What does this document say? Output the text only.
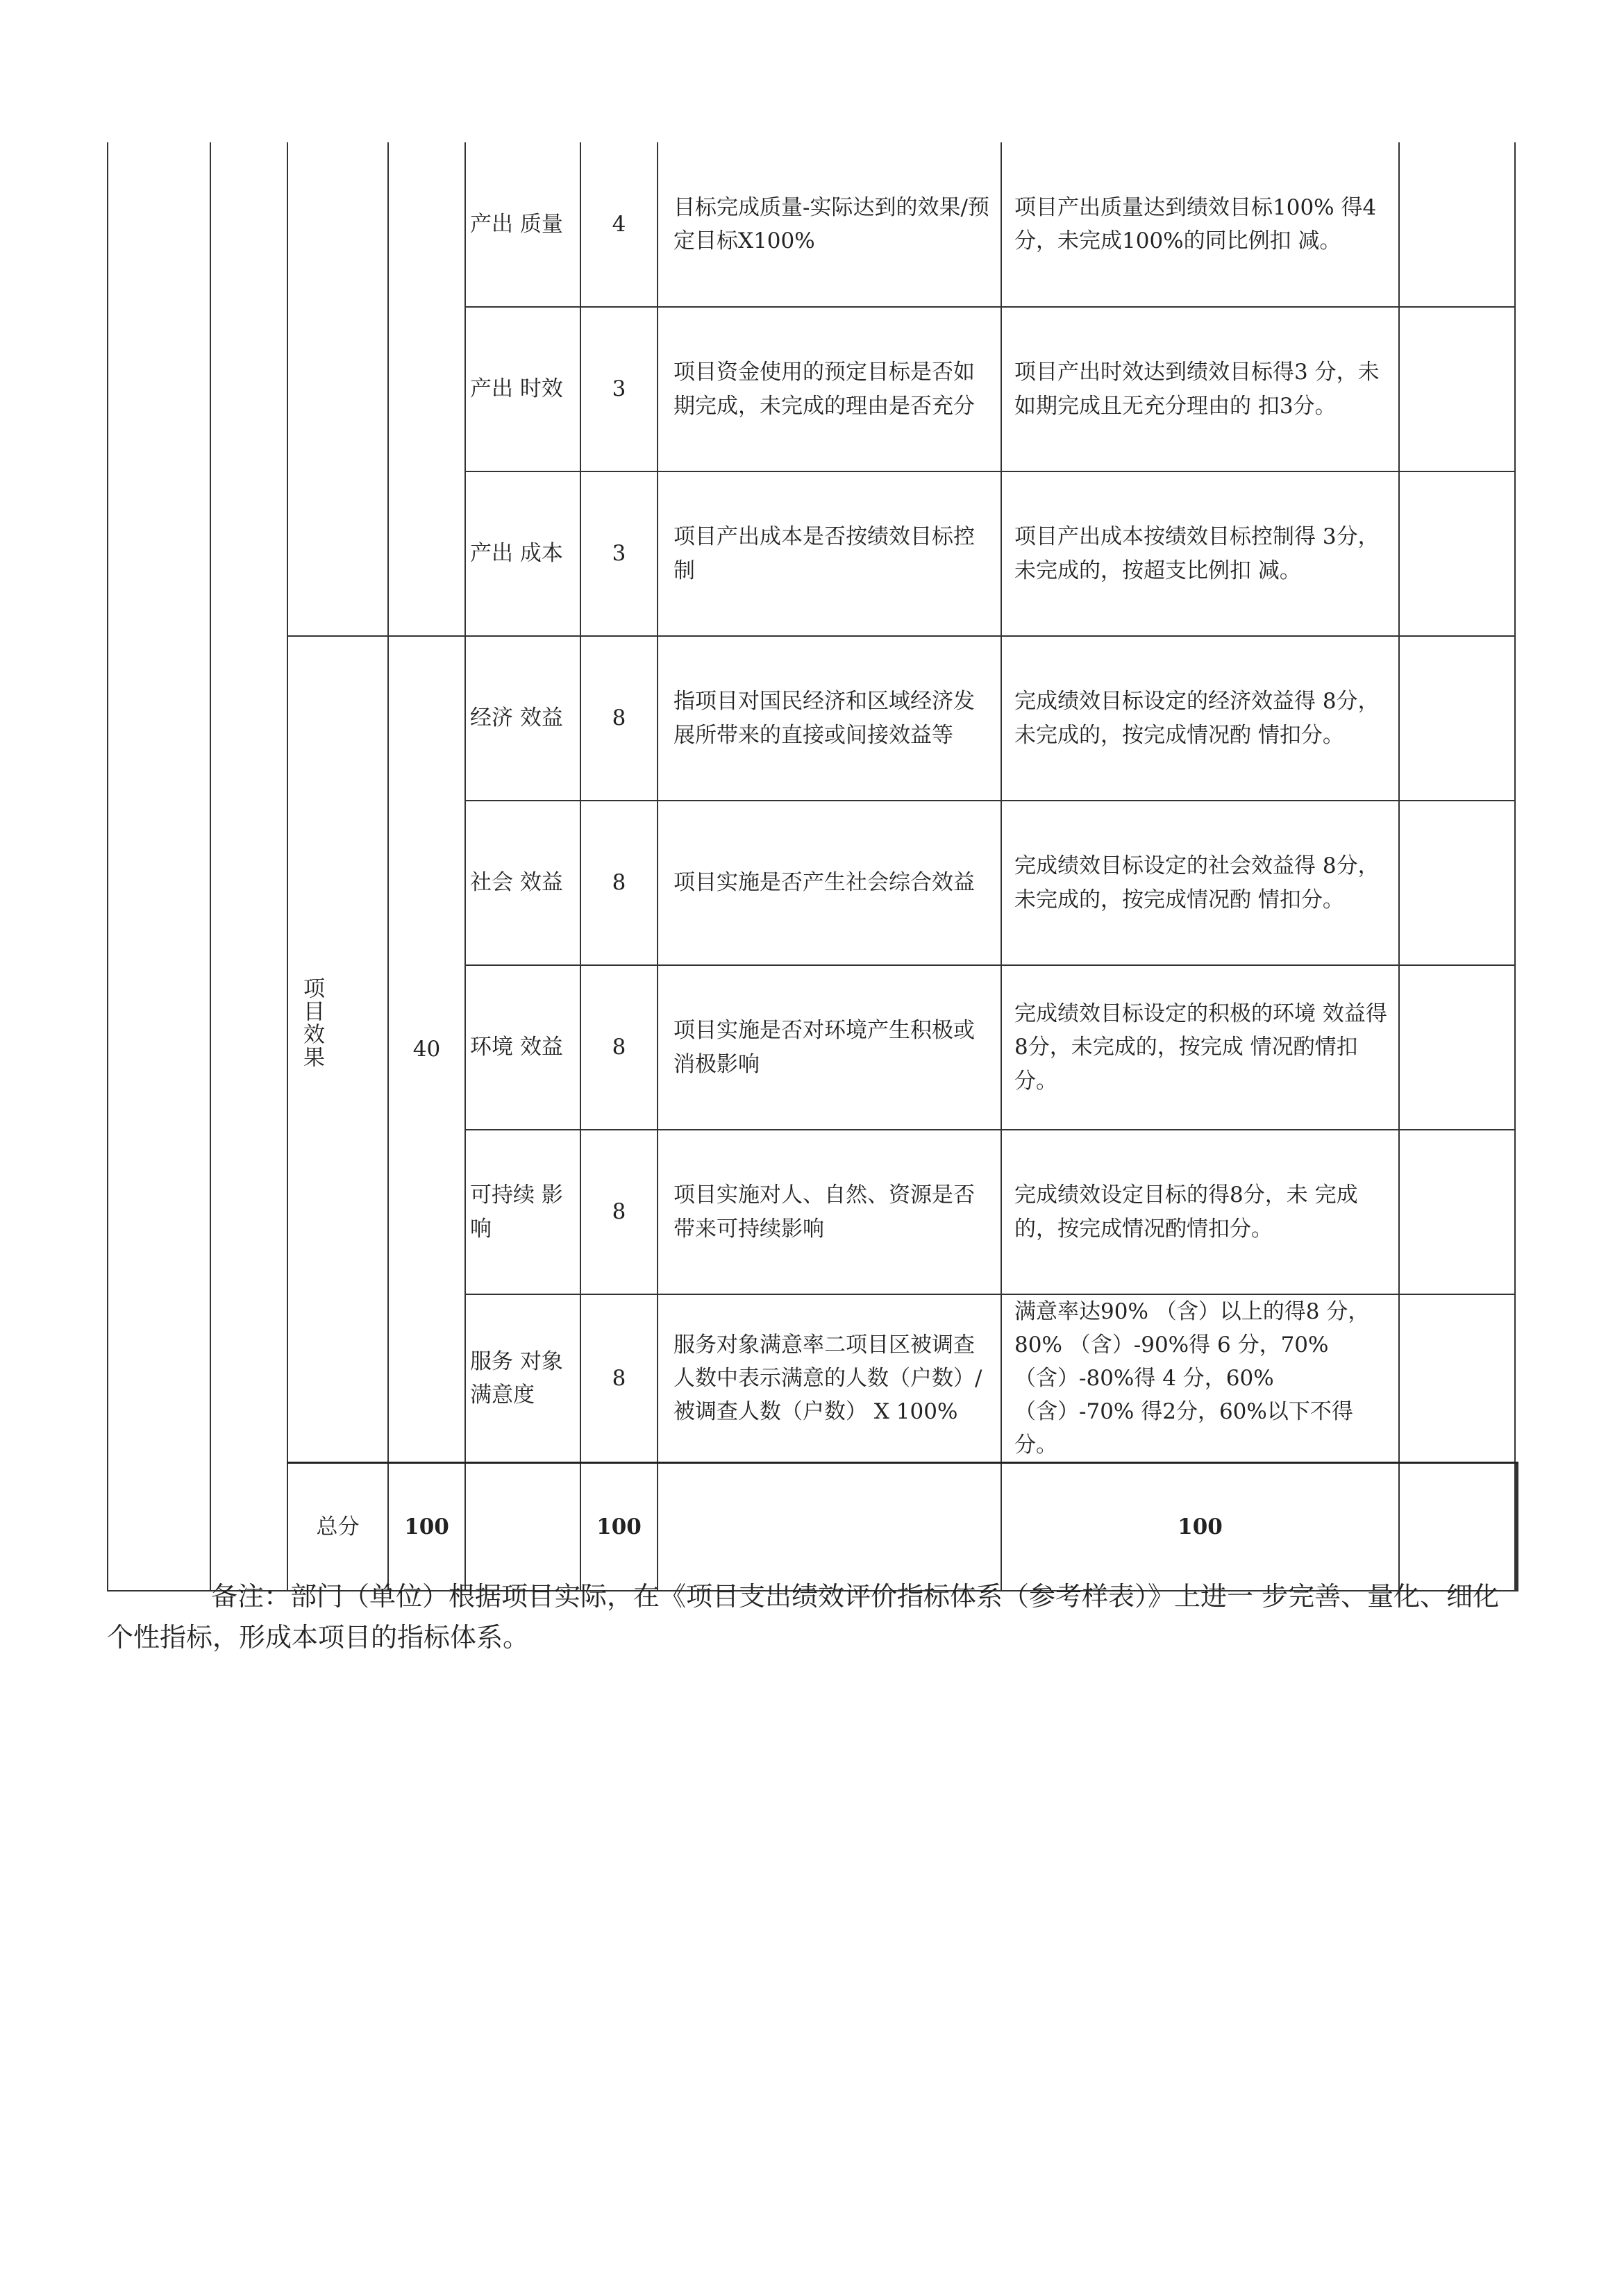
				产出 质量	4	目标完成质量-实际达到的效果/预定目标X100%	项目产出质量达到绩效目标100% 得4分，未完成100%的同比例扣 减。			
				产出 时效	3	项目资金使用的预定目标是否如期完成，未完成的理由是否充分	项目产出时效达到绩效目标得3 分，未如期完成且无充分理由的 扣3分。			
				产出 成本	3	项目产出成本是否按绩效目标控制	项目产出成本按绩效目标控制得 3分，未完成的，按超支比例扣 减。			

		项目效果	40	经济 效益	8	指项目对国民经济和区域经济发展所带来的直接或间接效益等	完成绩效目标设定的经济效益得 8分，未完成的，按完成情况酌 情扣分。			
				社会 效益	8	项目实施是否产生社会综合效益	完成绩效目标设定的社会效益得 8分，未完成的，按完成情况酌 情扣分。			
				环境 效益	8	项目实施是否对环境产生积极或消极影响	完成绩效目标设定的积极的环境 效益得8分，未完成的，按完成 情况酌情扣分。			
				可持续 影响	8	项目实施对人、自然、资源是否带来可持续影响	完成绩效设定目标的得8分，未 完成的，按完成情况酌情扣分。			
				服务 对象满意度	8	服务对象满意率二项目区被调查人数中表示满意的人数（户数）/被调查人数（户数） X 100%	满意率达90% （含）以上的得8 分，80% （含）-90%得 6 分，70% （含）-80%得 4 分，60% （含）-70% 得2分，60%以下不得分。			
		总分	100		100		100			

备注：部门（单位）根据项目实际，在《项目支出绩效评价指标体系（参考样表）》上进一 步完善、量化、细化个性指标，形成本项目的指标体系。
